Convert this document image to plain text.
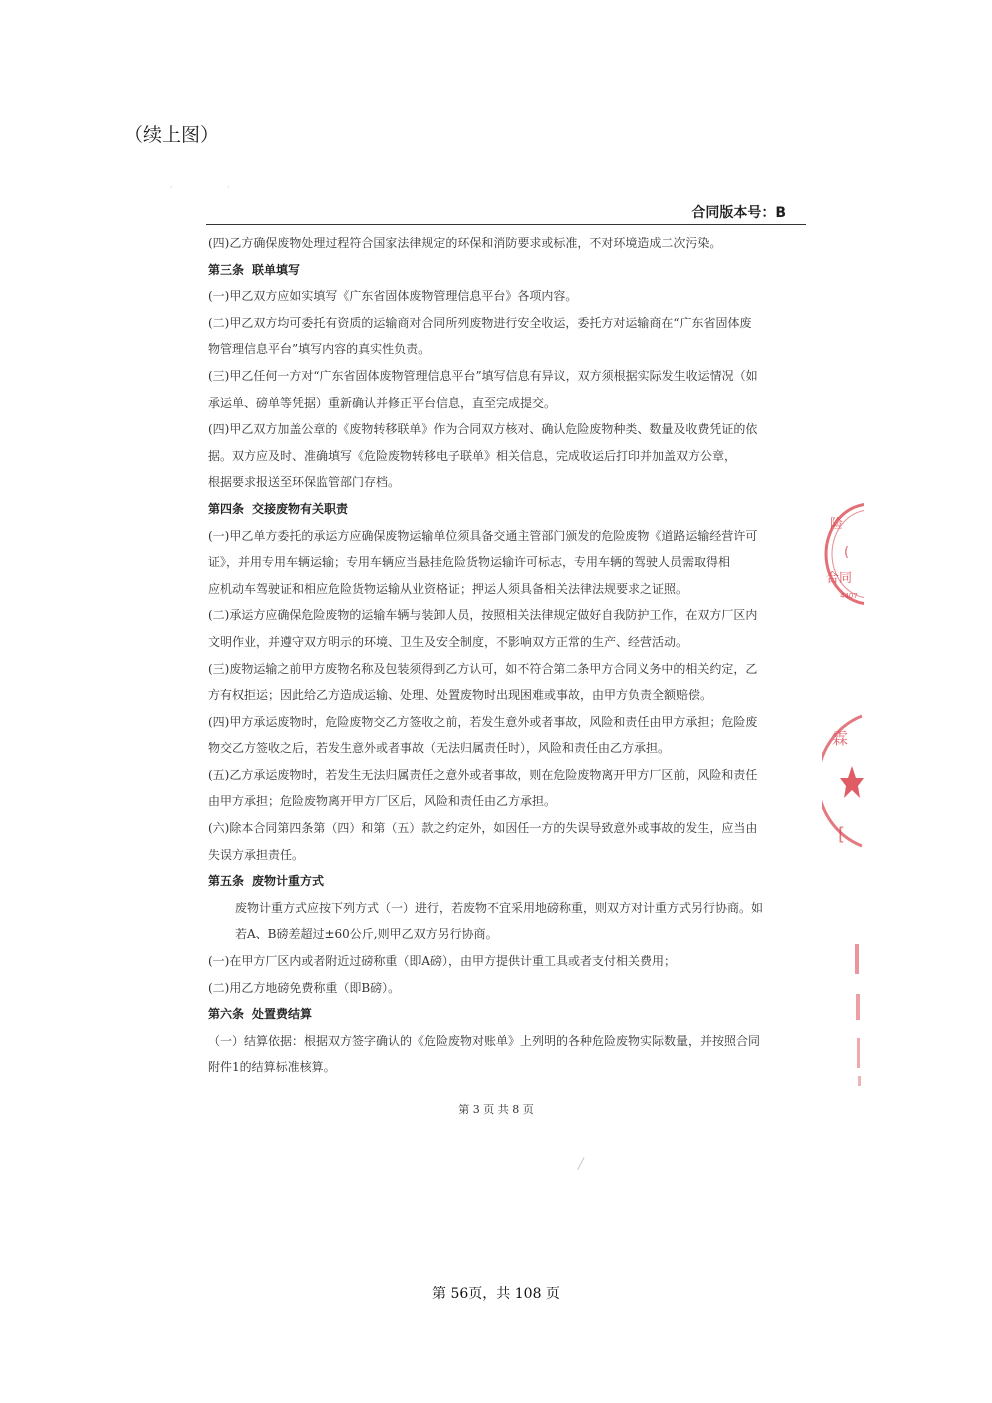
（续上图）
· ·
合同版本号：B
(四)乙方确保废物处理过程符合国家法律规定的环保和消防要求或标准，不对环境造成二次污染。
第三条 联单填写
(一)甲乙双方应如实填写《广东省固体废物管理信息平台》各项内容。
(二)甲乙双方均可委托有资质的运输商对合同所列废物进行安全收运，委托方对运输商在“广东省固体废
物管理信息平台”填写内容的真实性负责。
(三)甲乙任何一方对“广东省固体废物管理信息平台”填写信息有异议，双方须根据实际发生收运情况（如
承运单、磅单等凭据）重新确认并修正平台信息，直至完成提交。
(四)甲乙双方加盖公章的《废物转移联单》作为合同双方核对、确认危险废物种类、数量及收费凭证的依
据。双方应及时、准确填写《危险废物转移电子联单》相关信息，完成收运后打印并加盖双方公章，
根据要求报送至环保监管部门存档。
第四条 交接废物有关职责
(一)甲乙单方委托的承运方应确保废物运输单位须具备交通主管部门颁发的危险废物《道路运输经营许可
证》，并用专用车辆运输；专用车辆应当悬挂危险货物运输许可标志，专用车辆的驾驶人员需取得相
应机动车驾驶证和相应危险货物运输从业资格证；押运人须具备相关法律法规要求之证照。
(二)承运方应确保危险废物的运输车辆与装卸人员，按照相关法律规定做好自我防护工作，在双方厂区内
文明作业，并遵守双方明示的环境、卫生及安全制度，不影响双方正常的生产、经营活动。
(三)废物运输之前甲方废物名称及包装须得到乙方认可，如不符合第二条甲方合同义务中的相关约定，乙
方有权拒运；因此给乙方造成运输、处理、处置废物时出现困难或事故，由甲方负责全额赔偿。
(四)甲方承运废物时，危险废物交乙方签收之前，若发生意外或者事故，风险和责任由甲方承担；危险废
物交乙方签收之后，若发生意外或者事故（无法归属责任时），风险和责任由乙方承担。
(五)乙方承运废物时，若发生无法归属责任之意外或者事故，则在危险废物离开甲方厂区前，风险和责任
由甲方承担；危险废物离开甲方厂区后，风险和责任由乙方承担。
(六)除本合同第四条第（四）和第（五）款之约定外，如因任一方的失误导致意外或事故的发生，应当由
失误方承担责任。
第五条 废物计重方式
废物计重方式应按下列方式（一）进行，若废物不宜采用地磅称重，则双方对计重方式另行协商。如
若A、B磅差超过±60公斤,则甲乙双方另行协商。
(一)在甲方厂区内或者附近过磅称重（即A磅），由甲方提供计重工具或者支付相关费用；
(二)用乙方地磅免费称重（即B磅）。
第六条 处置费结算
（一）结算依据：根据双方签字确认的《危险废物对账单》上列明的各种危险废物实际数量，并按照合同
附件1的结算标准核算。
第 3 页 共 8 页
第 56页，共 108 页
险
(
合同
4407
霖
[
